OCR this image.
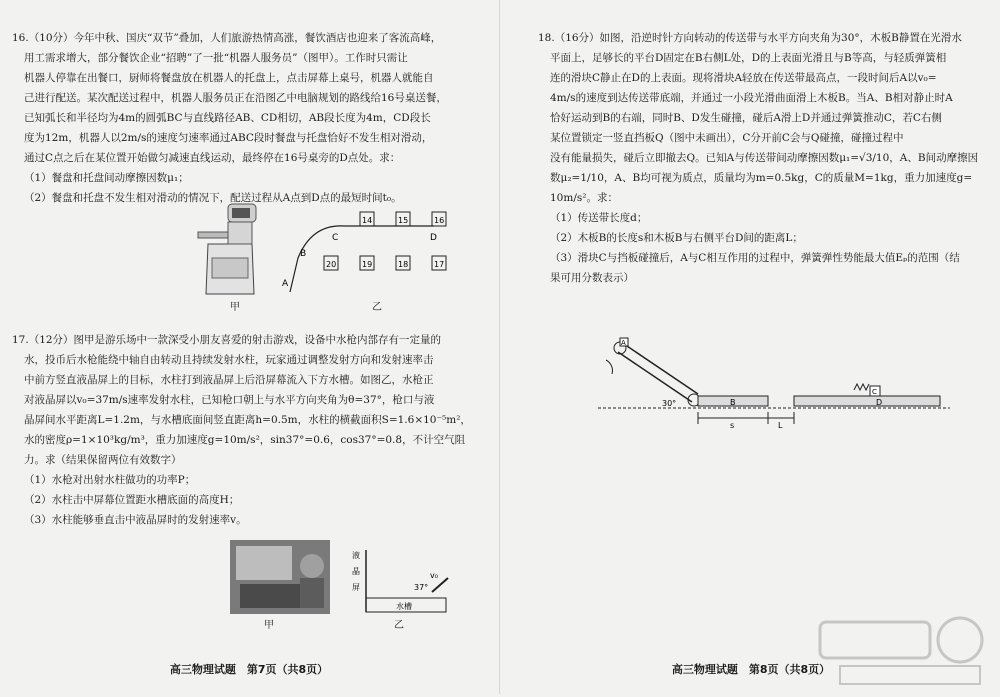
16.（10分）今年中秋、国庆“双节”叠加，人们旅游热情高涨，餐饮酒店也迎来了客流高峰，

用工需求增大，部分餐饮企业“招聘”了一批“机器人服务员”（图甲）。工作时只需让

机器人停靠在出餐口，厨师将餐盘放在机器人的托盘上，点击屏幕上桌号，机器人就能自

己进行配送。某次配送过程中，机器人服务员正在沿图乙中电脑规划的路线给16号桌送餐，

已知弧长和半径均为4m的圆弧BC与直线路径AB、CD相切，AB段长度为4m，CD段长

度为12m，机器人以2m/s的速度匀速率通过ABC段时餐盘与托盘恰好不发生相对滑动，

通过C点之后在某位置开始做匀减速直线运动，最终停在16号桌旁的D点处。求：

（1）餐盘和托盘间动摩擦因数μ₁；

（2）餐盘和托盘不发生相对滑动的情况下，配送过程从A点到D点的最短时间t₀。

甲
A
B
C	D
14	15	16
20	19	18	17
乙

17.（12分）图甲是游乐场中一款深受小朋友喜爱的射击游戏，设备中水枪内部存有一定量的

水，投币后水枪能绕中轴自由转动且持续发射水柱，玩家通过调整发射方向和发射速率击

中前方竖直液晶屏上的目标，水柱打到液晶屏上后沿屏幕流入下方水槽。如图乙，水枪正

对液晶屏以v₀=37m/s速率发射水柱，已知枪口朝上与水平方向夹角为θ=37°，枪口与液

晶屏间水平距离L=1.2m，与水槽底面间竖直距离h=0.5m，水柱的横截面积S=1.6×10⁻⁵m²，

水的密度ρ=1×10³kg/m³，重力加速度g=10m/s²，sin37°=0.6，cos37°=0.8，不计空气阻

力。求（结果保留两位有效数字）

（1）水枪对出射水柱做功的功率P；

（2）水柱击中屏幕位置距水槽底面的高度H；

（3）水柱能够垂直击中液晶屏时的发射速率v。

甲
液
晶
屏
水槽
v₀
37°
乙
高三物理试题　第7页（共8页）

18.（16分）如图，沿逆时针方向转动的传送带与水平方向夹角为30°，木板B静置在光滑水

平面上，足够长的平台D固定在B右侧L处，D的上表面光滑且与B等高，与轻质弹簧相

连的滑块C静止在D的上表面。现将滑块A轻放在传送带最高点，一段时间后A以v₀=

4m/s的速度到达传送带底端，并通过一小段光滑曲面滑上木板B。当A、B相对静止时A

恰好运动到B的右端，同时B、D发生碰撞，碰后A滑上D并通过弹簧推动C，若C右侧

某位置锁定一竖直挡板Q（图中未画出），C分开前C会与Q碰撞，碰撞过程中

没有能量损失，碰后立即撤去Q。已知A与传送带间动摩擦因数μ₁=√3/10，A、B间动摩擦因

数μ₂=1/10，A、B均可视为质点，质量均为m=0.5kg，C的质量M=1kg，重力加速度g=

10m/s²。求：

（1）传送带长度d；

（2）木板B的长度s和木板B与右侧平台D间的距离L；

（3）滑块C与挡板碰撞后，A与C相互作用的过程中，弹簧弹性势能最大值Eₚ的范围（结

果可用分数表示）

A
30°	B	D
C
s	L
高三物理试题　第8页（共8页）
